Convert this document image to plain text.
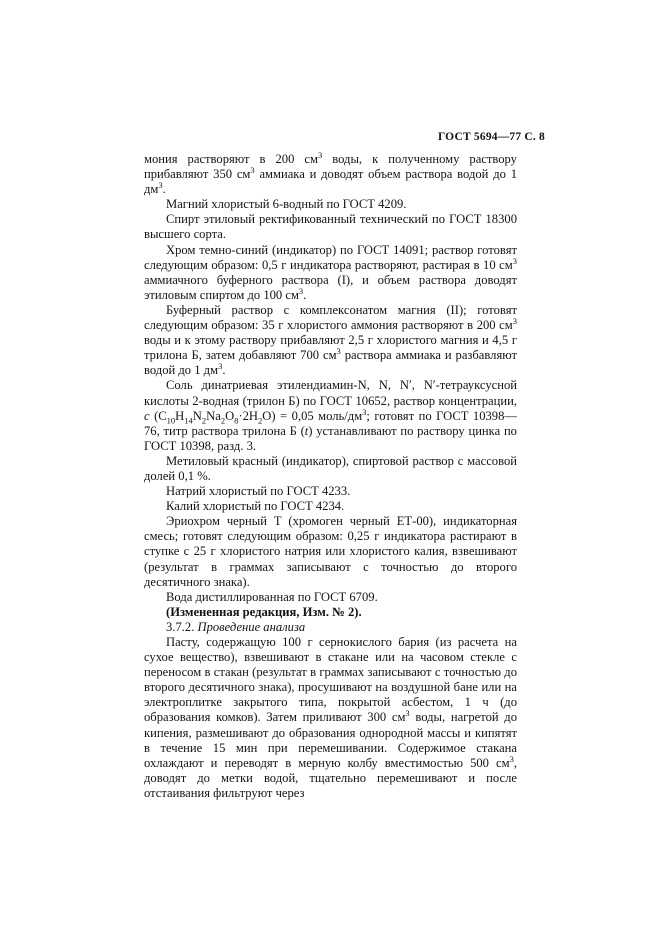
ГОСТ 5694—77 С. 8

мония растворяют в 200 $см^3$ воды, к полученному раствору прибавляют 350 $см^3$ аммиака и доводят объем раствора водой до 1 $дм^3$.

Магний хлористый 6-водный по ГОСТ 4209.

Спирт этиловый ректификованный технический по ГОСТ 18300 высшего сорта.

Хром темно-синий (индикатор) по ГОСТ 14091; раствор готовят следующим образом: 0,5 г индикатора растворяют, растирая в 10 $см^3$ аммиачного буферного раствора (I), и объем раствора доводят этиловым спиртом до 100 $см^3$.

Буферный раствор с комплексонатом магния (II); готовят следующим образом: 35 г хлористого аммония растворяют в 200 $см^3$ воды и к этому раствору прибавляют 2,5 г хлористого магния и 4,5 г трилона Б, затем добавляют 700 $см^3$ раствора аммиака и разбавляют водой до 1 $дм^3$.

Соль динатриевая этилендиамин-N, N, N′, N′-тетрауксусной кислоты 2-водная (трилон Б) по ГОСТ 10652, раствор концентрации, c $(C_{10}H_{14}N_2Na_2O_8\cdot 2H_2O) = 0,05$ моль/$дм^3$; готовят по ГОСТ 10398—76, титр раствора трилона Б (t) устанавливают по раствору цинка по ГОСТ 10398, разд. 3.

Метиловый красный (индикатор), спиртовой раствор с массовой долей 0,1 %.

Натрий хлористый по ГОСТ 4233.

Калий хлористый по ГОСТ 4234.

Эриохром черный Т (хромоген черный ЕТ-00), индикаторная смесь; готовят следующим образом: 0,25 г индикатора растирают в ступке с 25 г хлористого натрия или хлористого калия, взвешивают (результат в граммах записывают с точностью до второго десятичного знака).

Вода дистиллированная по ГОСТ 6709.

(Измененная редакция, Изм. № 2).

3.7.2. Проведение анализа

Пасту, содержащую 100 г сернокислого бария (из расчета на сухое вещество), взвешивают в стакане или на часовом стекле с переносом в стакан (результат в граммах записывают с точностью до второго десятичного знака), просушивают на воздушной бане или на электроплитке закрытого типа, покрытой асбестом, 1 ч (до образования комков). Затем приливают 300 $см^3$ воды, нагретой до кипения, размешивают до образования однородной массы и кипятят в течение 15 мин при перемешивании. Содержимое стакана охлаждают и переводят в мерную колбу вместимостью 500 $см^3$, доводят до метки водой, тщательно перемешивают и после отстаивания фильтруют через
